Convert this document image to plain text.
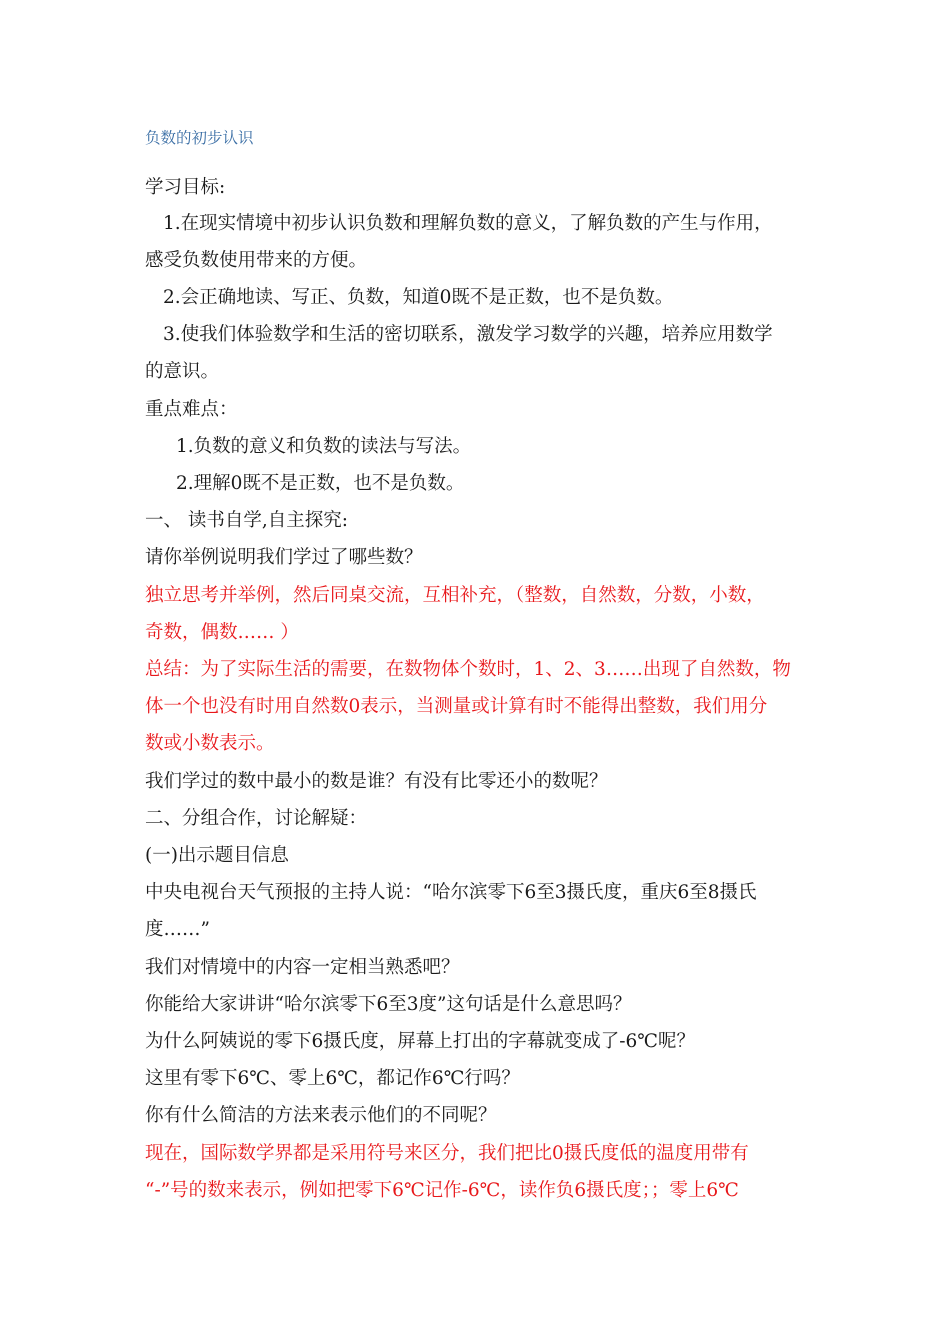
负数的初步认识
学习目标:
1.在现实情境中初步认识负数和理解负数的意义，了解负数的产生与作用，
感受负数使用带来的方便。
2.会正确地读、写正、负数，知道0既不是正数，也不是负数。
3.使我们体验数学和生活的密切联系，激发学习数学的兴趣，培养应用数学
的意识。
重点难点：
1.负数的意义和负数的读法与写法。
2.理解0既不是正数，也不是负数。
一、 读书自学,自主探究:
请你举例说明我们学过了哪些数？
独立思考并举例，然后同桌交流，互相补充，（整数，自然数，分数，小数，
奇数，偶数…… ）
总结：为了实际生活的需要，在数物体个数时，1、2、3……出现了自然数，物
体一个也没有时用自然数0表示，当测量或计算有时不能得出整数，我们用分
数或小数表示。
我们学过的数中最小的数是谁？有没有比零还小的数呢？
二、分组合作，讨论解疑：
(一)出示题目信息
中央电视台天气预报的主持人说：“哈尔滨零下6至3摄氏度，重庆6至8摄氏
度……”
我们对情境中的内容一定相当熟悉吧？
你能给大家讲讲“哈尔滨零下6至3度”这句话是什么意思吗？
为什么阿姨说的零下6摄氏度，屏幕上打出的字幕就变成了-6℃呢？
这里有零下6℃、零上6℃，都记作6℃行吗？
你有什么简洁的方法来表示他们的不同呢？
现在，国际数学界都是采用符号来区分，我们把比0摄氏度低的温度用带有
“-”号的数来表示，例如把零下6℃记作-6℃，读作负6摄氏度；；零上6℃
